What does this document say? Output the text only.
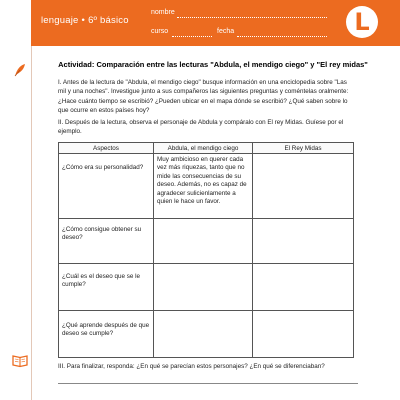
lenguaje • 6º básico
nombre
curso	fecha	L
Actividad: Comparación entre las lecturas "Abdula, el mendigo ciego" y "El rey midas"

I. Antes de la lectura de "Abdula, el mendigo ciego" busque información en una enciclopedia sobre "Las mil y una noches". Investigue junto a sus compañeros las siguientes preguntas y coméntelas oralmente: ¿Hace cuánto tiempo se escribió? ¿Pueden ubicar en el mapa dónde se escribió? ¿Qué saben sobre lo que ocurre en estos países hoy?

II. Después de la lectura, observa el personaje de Abdula y compáralo con El rey Midas. Guíese por el ejemplo.

Aspectos	Abdula, el mendigo ciego	El Rey Midas

¿Cómo era su personalidad?	Muy ambicioso en querer cada vez más riquezas, tanto que no mide las consecuencias de su deseo. Además, no es capaz de agradecer sulicienlamente a quien le hace un favor.	

¿Cómo consigue obtener su deseo?		

¿Cuál es el deseo que se le cumple?		

¿Qué aprende después de que deseo se cumple?		

III. Para finalizar, responda: ¿En qué se parecían estos personajes? ¿En qué se diferenciaban?
